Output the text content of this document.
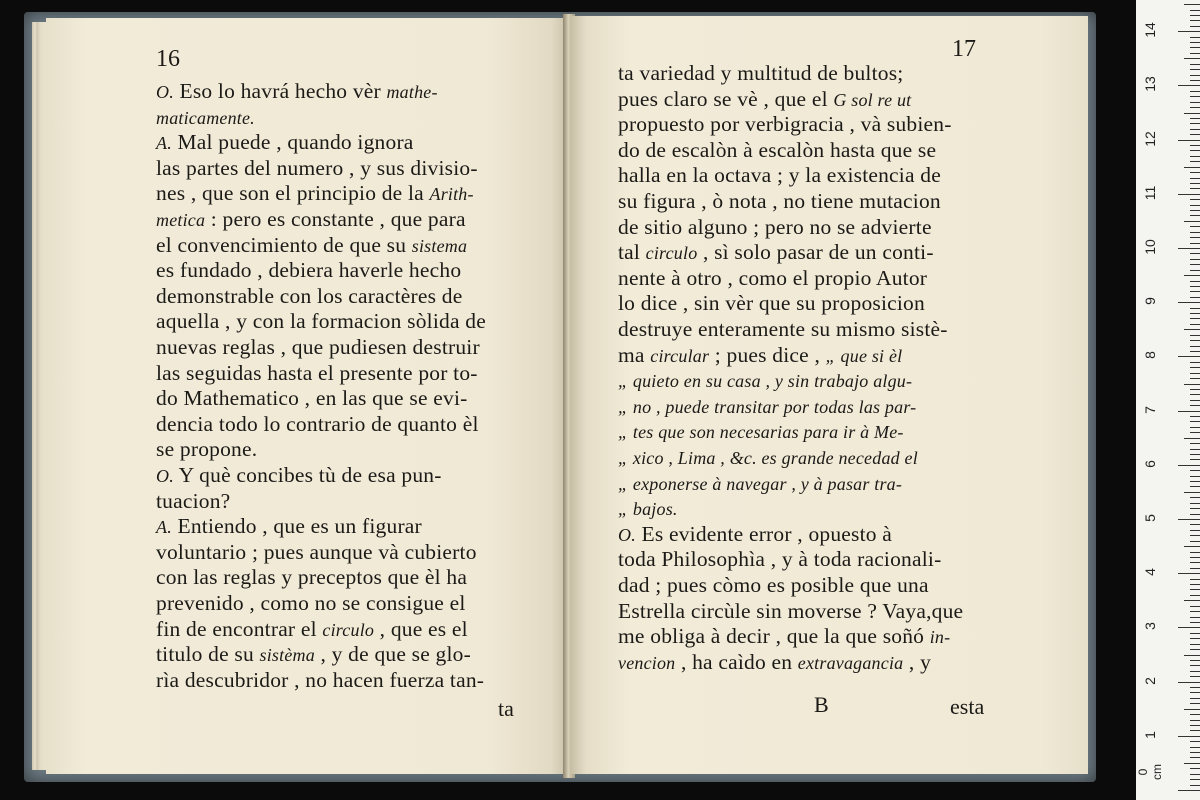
16
O. Eso lo havrá hecho vèr mathe-
maticamente.
A. Mal puede , quando ignora
las partes del numero , y sus divisio-
nes , que son el principio de la Arith-
metica : pero es constante , que para
el convencimiento de que su sistema
es fundado , debiera haverle hecho
demonstrable con los caractères de
aquella , y con la formacion sòlida de
nuevas reglas , que pudiesen destruir
las seguidas hasta el presente por to-
do Mathematico , en las que se evi-
dencia todo lo contrario de quanto èl
se propone.
O. Y què concibes tù de esa pun-
tuacion?
A. Entiendo , que es un figurar
voluntario ; pues aunque và cubierto
con las reglas y preceptos que èl ha
prevenido , como no se consigue el
fin de encontrar el circulo , que es el
titulo de su sistèma , y de que se glo-
rìa descubridor , no hacen fuerza tan-
ta
17
ta variedad y multitud de bultos;
pues claro se vè , que el G sol re ut
propuesto por verbigracia , và subien-
do de escalòn à escalòn hasta que se
halla en la octava ; y la existencia de
su figura , ò nota , no tiene mutacion
de sitio alguno ; pero no se advierte
tal circulo , sì solo pasar de un conti-
nente à otro , como el propio Autor
lo dice , sin vèr que su proposicion
destruye enteramente su mismo sistè-
ma circular ; pues dice , „ que si èl
„ quieto en su casa , y sin trabajo algu-
„ no , puede transitar por todas las par-
„ tes que son necesarias para ir à Me-
„ xico , Lima , &c. es grande necedad el
„ exponerse à navegar , y à pasar tra-
„ bajos.
O. Es evidente error , opuesto à
toda Philosophìa , y à toda racionali-
dad ; pues còmo es posible que una
Estrella circùle sin moverse ? Vaya,que
me obliga à decir , que la que soñó in-
vencion , ha caìdo en extravagancia , y
B	esta
0 cm
1
2
3
4
5
6
7
8
9
10
11
12
13
14
